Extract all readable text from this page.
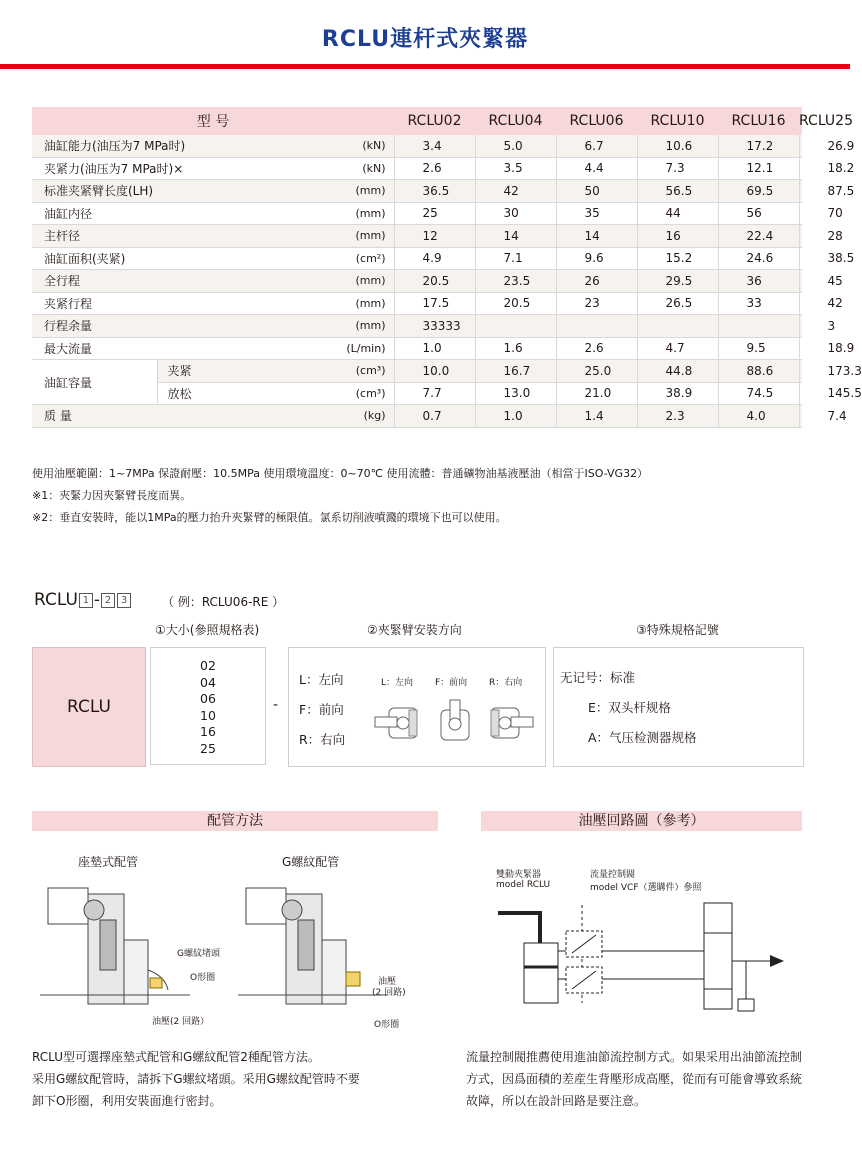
RCLU連杆式夾緊器
型 号			RCLU02	RCLU04	RCLU06	RCLU10	RCLU16	RCLU25
油缸能力(油压为7 MPa时)		(kN)	3.4	5.0	6.7	10.6	17.2	26.9
夹紧力(油压为7 MPa时)×		(kN)	2.6	3.5	4.4	7.3	12.1	18.2
标准夹紧臂长度(LH)		(mm)	36.5	42	50	56.5	69.5	87.5
油缸内径		(mm)	25	30	35	44	56	70
主杆径		(mm)	12	14	14	16	22.4	28
油缸面积(夹紧)		(cm²)	4.9	7.1	9.6	15.2	24.6	38.5
全行程		(mm)	20.5	23.5	26	29.5	36	45
夹紧行程		(mm)	17.5	20.5	23	26.5	33	42
行程余量		(mm)	33333					3
最大流量		(L/min)	1.0	1.6	2.6	4.7	9.5	18.9
油缸容量	夹紧	(cm³)	10.0	16.7	25.0	44.8	88.6	173.3
	放松	(cm³)	7.7	13.0	21.0	38.9	74.5	145.5
质 量		(kg)	0.7	1.0	1.4	2.3	4.0	7.4
使用油壓範圍：1~7MPa 保證耐壓：10.5MPa 使用環境溫度：0~70℃ 使用流體：普通礦物油基液壓油（相當于ISO-VG32）
※1：夾緊力因夾緊臂長度而異。
※2：垂直安裝時，能以1MPa的壓力抬升夾緊臂的極限值。氯系切削液噴濺的環境下也可以使用。
RCLU 1 - 2 3	（ 例：RCLU06-RE ）
①大小(參照規格表)	②夾緊臂安裝方向	③特殊規格記號
RCLU
02
04
06
10
16
25
-
L：左向
F：前向
R：右向
L：左向 F：前向 R：右向	无记号：标准
E：双头杆规格
A：气压检测器规格
配管方法	油壓回路圖（參考）
座墊式配管	G螺紋配管
G螺紋堵頭
O形圈
油壓(2 回路）
油壓
(2 回路)
O形圈
RCLU型可選擇座墊式配管和G螺紋配管2種配管方法。
采用G螺紋配管時，請拆下G螺紋堵頭。采用G螺紋配管時不要
卸下O形圈，利用安裝面進行密封。
雙動夾緊器
model RCLU
流量控制閥
model VCF（選購件）參照
流量控制閥推薦使用進油節流控制方式。如果采用出油節流控制
方式，因爲面積的差産生背壓形成高壓，從而有可能會導致系統
故障，所以在設計回路是要注意。
